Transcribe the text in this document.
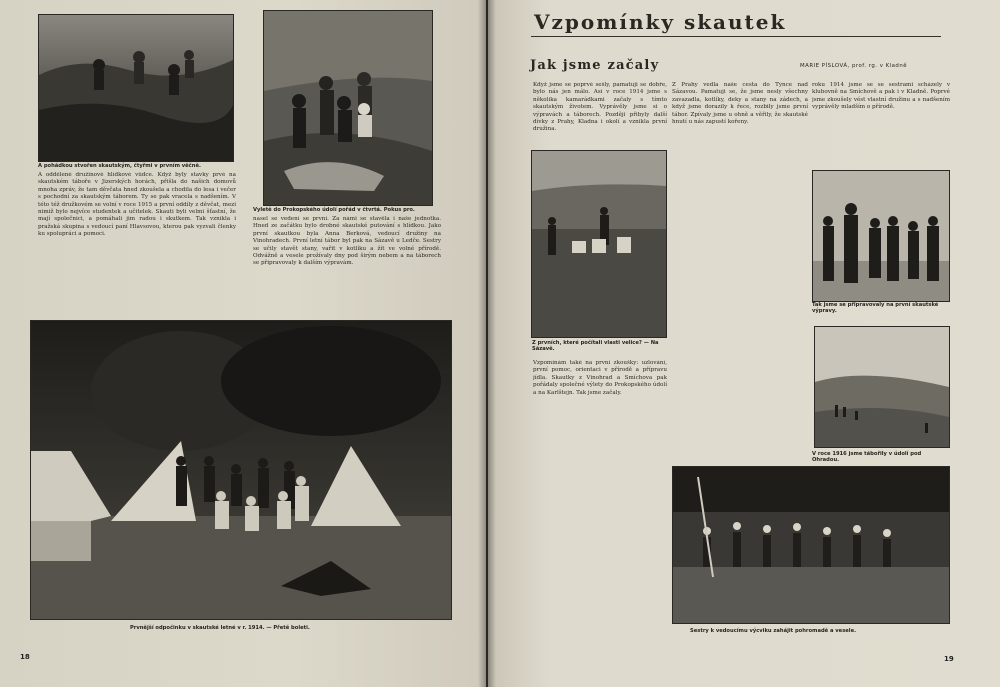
A pohádkou stvořen skautským, čtyřmi v prvním věčně.
Vyletě do Prokopského údolí pořád v čtvrtá. Pokus pro.
A oddělené družinové hlídkové vůdce. Když byly stavky prvé na skautském táboře v Jizerských horách, přišla do našich domovů mnoha zpráv, že tam děvčata hned zkoušela a chodila do lesa i večer s pochodní za skautským táborem. Ty se pak vracela s nadšením. V této též družkovém se volní v roce 1915 a první oddíly z děvčat, mezi nimiž bylo nejvíce studentek a učitelek. Skauti byli velmi šťastní, že mají společnici, a pomáhali jim radou i skutkem. Tak vznikla i pražská skupina s vedoucí paní Hlavsovou, kterou pak vyzvali členky ku spolupráci a pomoci.
nasel se vedení se první. Za námi se stavěla i naše jednotka. Hned ze začátku bylo drobné skautské putování s hlídkou. Jako první skautkou byla Anna Berková, vedoucí družiny na Vinohradech. První letní tábor byl pak na Sázavě u Ledče. Sestry se učily stavět stany, vařit v kotlíku a žít ve volné přírodě. Odvážně a vesele prožívaly dny pod širým nebem a na táborech se připravovaly k dalším výpravám.
Prvnější odpočinku v skautské letné v r. 1914. — Přetě boleti.
18
Vzpomínky skautek
Jak jsme začaly	MARIE PÍSLOVÁ, prof. rg. v Kladně
Když jsme se poprvé sešly, pamatuji se dobře, bylo nás jen málo. Asi v roce 1914 jsme s několika kamarádkami začaly s tímto skautským životem. Vyprávěly jsme si o výpravách a táborech. Později přibyly další dívky z Prahy, Kladna i okolí a vznikla první družina.
Z Prahy vedla naše cesta do Týnce nad Sázavou. Pamatuji se, že jsme nesly všechny zavazadla, kotlíky, deky a stany na zádech, a když jsme dorazily k řece, rozbily jsme první tábor. Zpívaly jsme u ohně a věřily, že skautské hnutí u nás zapustí kořeny.
Vzpomínám také na první zkoušky: uzlování, první pomoc, orientaci v přírodě a přípravu jídla. Skautky z Vinohrad a Smíchova pak pořádaly společné výlety do Prokopského údolí a na Karlštejn. Tak jsme začaly.
roku 1914 jsme se se sestrami scházely v klubovně na Smíchově a pak i v Kladně. Poprvé jsme zkoušely vést vlastní družinu a s nadšením vyprávěly mladším o přírodě.
Z prvních, které počítali vlasti velice? — Na Sázavě.
Tak jsme se připravovaly na první skautské výpravy.
V roce 1916 jsme tábořily v údolí pod Ohradou.
Sestry k vedoucímu výcviku zahájit pohromadě a vesele.
19
